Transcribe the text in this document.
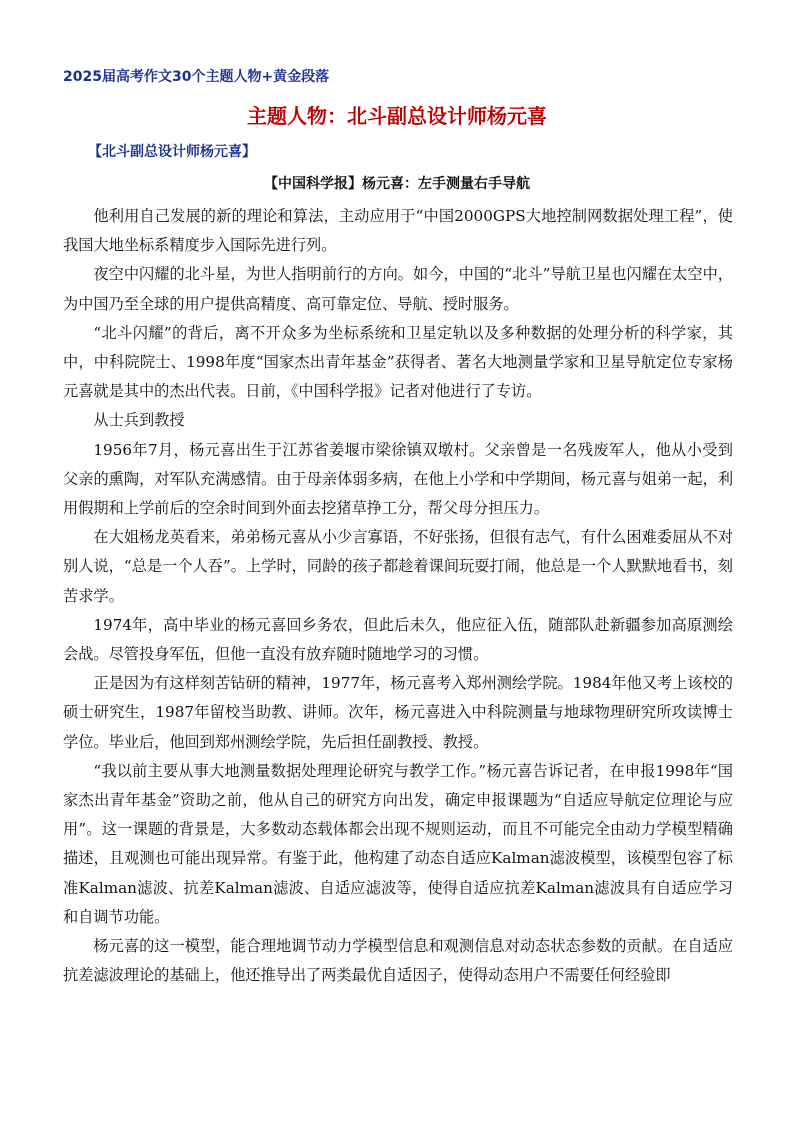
2025届高考作文30个主题人物+黄金段落
主题人物：北斗副总设计师杨元喜
【北斗副总设计师杨元喜】
【中国科学报】杨元喜：左手测量右手导航

他利用自己发展的新的理论和算法，主动应用于“中国2000GPS大地控制网数据处理工程”，使我国大地坐标系精度步入国际先进行列。

夜空中闪耀的北斗星，为世人指明前行的方向。如今，中国的“北斗”导航卫星也闪耀在太空中，为中国乃至全球的用户提供高精度、高可靠定位、导航、授时服务。

“北斗闪耀”的背后，离不开众多为坐标系统和卫星定轨以及多种数据的处理分析的科学家，其中，中科院院士、1998年度“国家杰出青年基金”获得者、著名大地测量学家和卫星导航定位专家杨元喜就是其中的杰出代表。日前，《中国科学报》记者对他进行了专访。

从士兵到教授

1956年7月，杨元喜出生于江苏省姜堰市梁徐镇双墩村。父亲曾是一名残废军人，他从小受到父亲的熏陶，对军队充满感情。由于母亲体弱多病，在他上小学和中学期间，杨元喜与姐弟一起，利用假期和上学前后的空余时间到外面去挖猪草挣工分，帮父母分担压力。

在大姐杨龙英看来，弟弟杨元喜从小少言寡语，不好张扬，但很有志气，有什么困难委屈从不对别人说，“总是一个人吞”。上学时，同龄的孩子都趁着课间玩耍打闹，他总是一个人默默地看书，刻苦求学。

1974年，高中毕业的杨元喜回乡务农，但此后未久，他应征入伍，随部队赴新疆参加高原测绘会战。尽管投身军伍，但他一直没有放弃随时随地学习的习惯。

正是因为有这样刻苦钻研的精神，1977年，杨元喜考入郑州测绘学院。1984年他又考上该校的硕士研究生，1987年留校当助教、讲师。次年，杨元喜进入中科院测量与地球物理研究所攻读博士学位。毕业后，他回到郑州测绘学院，先后担任副教授、教授。

“我以前主要从事大地测量数据处理理论研究与教学工作。”杨元喜告诉记者，在申报1998年“国家杰出青年基金”资助之前，他从自己的研究方向出发，确定申报课题为“自适应导航定位理论与应用”。这一课题的背景是，大多数动态载体都会出现不规则运动，而且不可能完全由动力学模型精确描述，且观测也可能出现异常。有鉴于此，他构建了动态自适应Kalman滤波模型，该模型包容了标准Kalman滤波、抗差Kalman滤波、自适应滤波等，使得自适应抗差Kalman滤波具有自适应学习和自调节功能。

杨元喜的这一模型，能合理地调节动力学模型信息和观测信息对动态状态参数的贡献。在自适应抗差滤波理论的基础上，他还推导出了两类最优自适因子，使得动态用户不需要任何经验即
